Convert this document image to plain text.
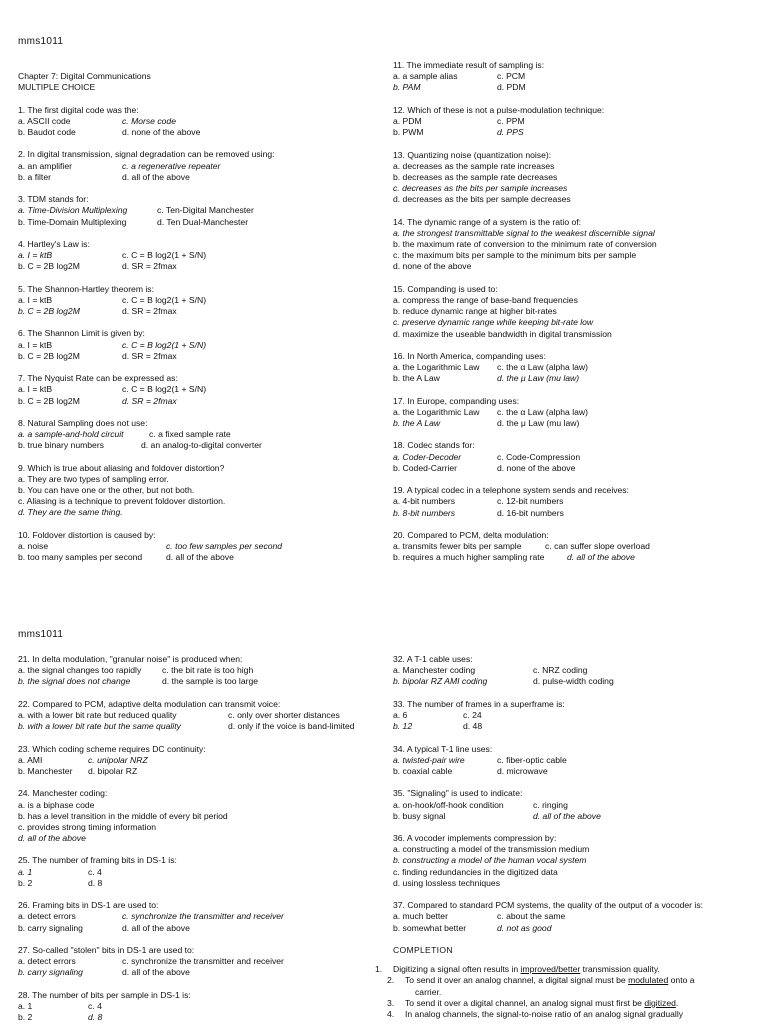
mms1011
Chapter 7: Digital Communications
MULTIPLE CHOICE
1. The first digital code was the:
a. ASCII code	c. Morse code
b. Baudot code	d. none of the above
2. In digital transmission, signal degradation can be removed using:
a. an amplifier	c. a regenerative repeater
b. a filter	d. all of the above
3. TDM stands for:
a. Time-Division Multiplexing	c. Ten-Digital Manchester
b. Time-Domain Multiplexing	d. Ten Dual-Manchester
4. Hartley's Law is:
a. I = ktB	c. C = B log2(1 + S/N)
b. C = 2B log2M	d. SR = 2fmax
5. The Shannon-Hartley theorem is:
a. I = ktB	c. C = B log2(1 + S/N)
b. C = 2B log2M	d. SR = 2fmax
6. The Shannon Limit is given by:
a. I = ktB	c. C = B log2(1 + S/N)
b. C = 2B log2M	d. SR = 2fmax
7. The Nyquist Rate can be expressed as:
a. I = ktB	c. C = B log2(1 + S/N)
b. C = 2B log2M	d. SR = 2fmax
8. Natural Sampling does not use:
a. a sample-and-hold circuit	c. a fixed sample rate
b. true binary numbers	d. an analog-to-digital converter
9. Which is true about aliasing and foldover distortion?
a. They are two types of sampling error.
b. You can have one or the other, but not both.
c. Aliasing is a technique to prevent foldover distortion.
d. They are the same thing.
10. Foldover distortion is caused by:
a. noise	c. too few samples per second
b. too many samples per second	d. all of the above
11. The immediate result of sampling is:
a. a sample alias	c. PCM
b. PAM	d. PDM
12. Which of these is not a pulse-modulation technique:
a. PDM	c. PPM
b. PWM	d. PPS
13. Quantizing noise (quantization noise):
a. decreases as the sample rate increases
b. decreases as the sample rate decreases
c. decreases as the bits per sample increases
d. decreases as the bits per sample decreases
14. The dynamic range of a system is the ratio of:
a. the strongest transmittable signal to the weakest discernible signal
b. the maximum rate of conversion to the minimum rate of conversion
c. the maximum bits per sample to the minimum bits per sample
d. none of the above
15. Companding is used to:
a. compress the range of base-band frequencies
b. reduce dynamic range at higher bit-rates
c. preserve dynamic range while keeping bit-rate low
d. maximize the useable bandwidth in digital transmission
16. In North America, companding uses:
a. the Logarithmic Law c. the α Law (alpha law)
b. the A Law	d. the μ Law (mu law)
17. In Europe, companding uses:
a. the Logarithmic Law c. the α Law (alpha law)
b. the A Law	d. the μ Law (mu law)
18. Codec stands for:
a. Coder-Decoder	c. Code-Compression
b. Coded-Carrier	d. none of the above
19. A typical codec in a telephone system sends and receives:
a. 4-bit numbers	c. 12-bit numbers
b. 8-bit numbers	d. 16-bit numbers
20. Compared to PCM, delta modulation:
a. transmits fewer bits per sample	c. can suffer slope overload
b. requires a much higher sampling rate	d. all of the above
mms1011
21. In delta modulation, "granular noise" is produced when:
a. the signal changes too rapidly c. the bit rate is too high
b. the signal does not change	d. the sample is too large
22. Compared to PCM, adaptive delta modulation can transmit voice:
a. with a lower bit rate but reduced quality	c. only over shorter distances
b. with a lower bit rate but the same quality	d. only if the voice is band-limited
23. Which coding scheme requires DC continuity:
a. AMI	c. unipolar NRZ
b. Manchester d. bipolar RZ
24. Manchester coding:
a. is a biphase code
b. has a level transition in the middle of every bit period
c. provides strong timing information
d. all of the above
25. The number of framing bits in DS-1 is:
a. 1	c. 4
b. 2	d. 8
26. Framing bits in DS-1 are used to:
a. detect errors	c. synchronize the transmitter and receiver
b. carry signaling	d. all of the above
27. So-called "stolen" bits in DS-1 are used to:
a. detect errors	c. synchronize the transmitter and receiver
b. carry signaling	d. all of the above
28. The number of bits per sample in DS-1 is:
a. 1	c. 4
b. 2	d. 8
32. A T-1 cable uses:
a. Manchester coding	c. NRZ coding
b. bipolar RZ AMI coding	d. pulse-width coding
33. The number of frames in a superframe is:
a. 6	c. 24
b. 12	d. 48
34. A typical T-1 line uses:
a. twisted-pair wire	c. fiber-optic cable
b. coaxial cable	d. microwave
35. "Signaling" is used to indicate:
a. on-hook/off-hook condition	c. ringing
b. busy signal	d. all of the above
36. A vocoder implements compression by:
a. constructing a model of the transmission medium
b. constructing a model of the human vocal system
c. finding redundancies in the digitized data
d. using lossless techniques
37. Compared to standard PCM systems, the quality of the output of a vocoder is:
a. much better	c. about the same
b. somewhat better	d. not as good
COMPLETION
1. Digitizing a signal often results in improved/better transmission quality.
2. To send it over an analog channel, a digital signal must be modulated onto a
carrier.
3. To send it over a digital channel, an analog signal must first be digitized.
4. In analog channels, the signal-to-noise ratio of an analog signal gradually
